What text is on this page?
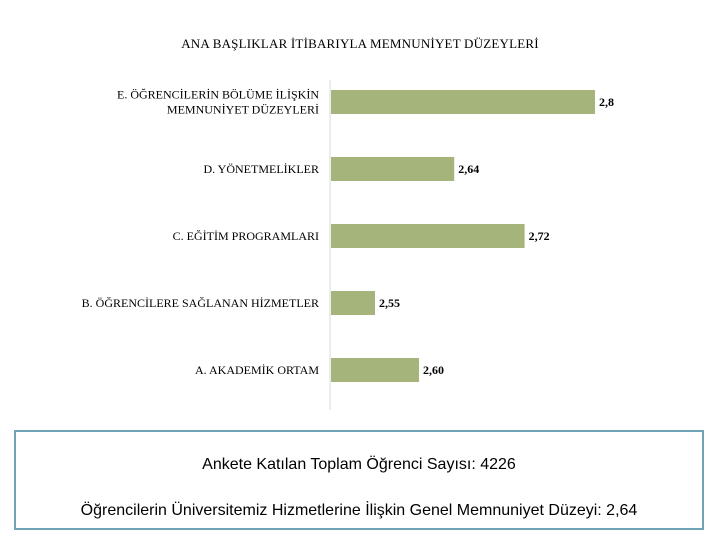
ANA BAŞLIKLAR İTİBARIYLA MEMNUNİYET DÜZEYLERİ
2,8
E. ÖĞRENCİLERİN BÖLÜME İLİŞKİN
MEMNUNİYET DÜZEYLERİ
2,64
D. YÖNETMELİKLER
2,72
C. EĞİTİM PROGRAMLARI
2,55
B. ÖĞRENCİLERE SAĞLANAN HİZMETLER
2,60
A. AKADEMİK ORTAM
Ankete Katılan Toplam Öğrenci Sayısı: 4226
Öğrencilerin Üniversitemiz Hizmetlerine İlişkin Genel Memnuniyet Düzeyi: 2,64
